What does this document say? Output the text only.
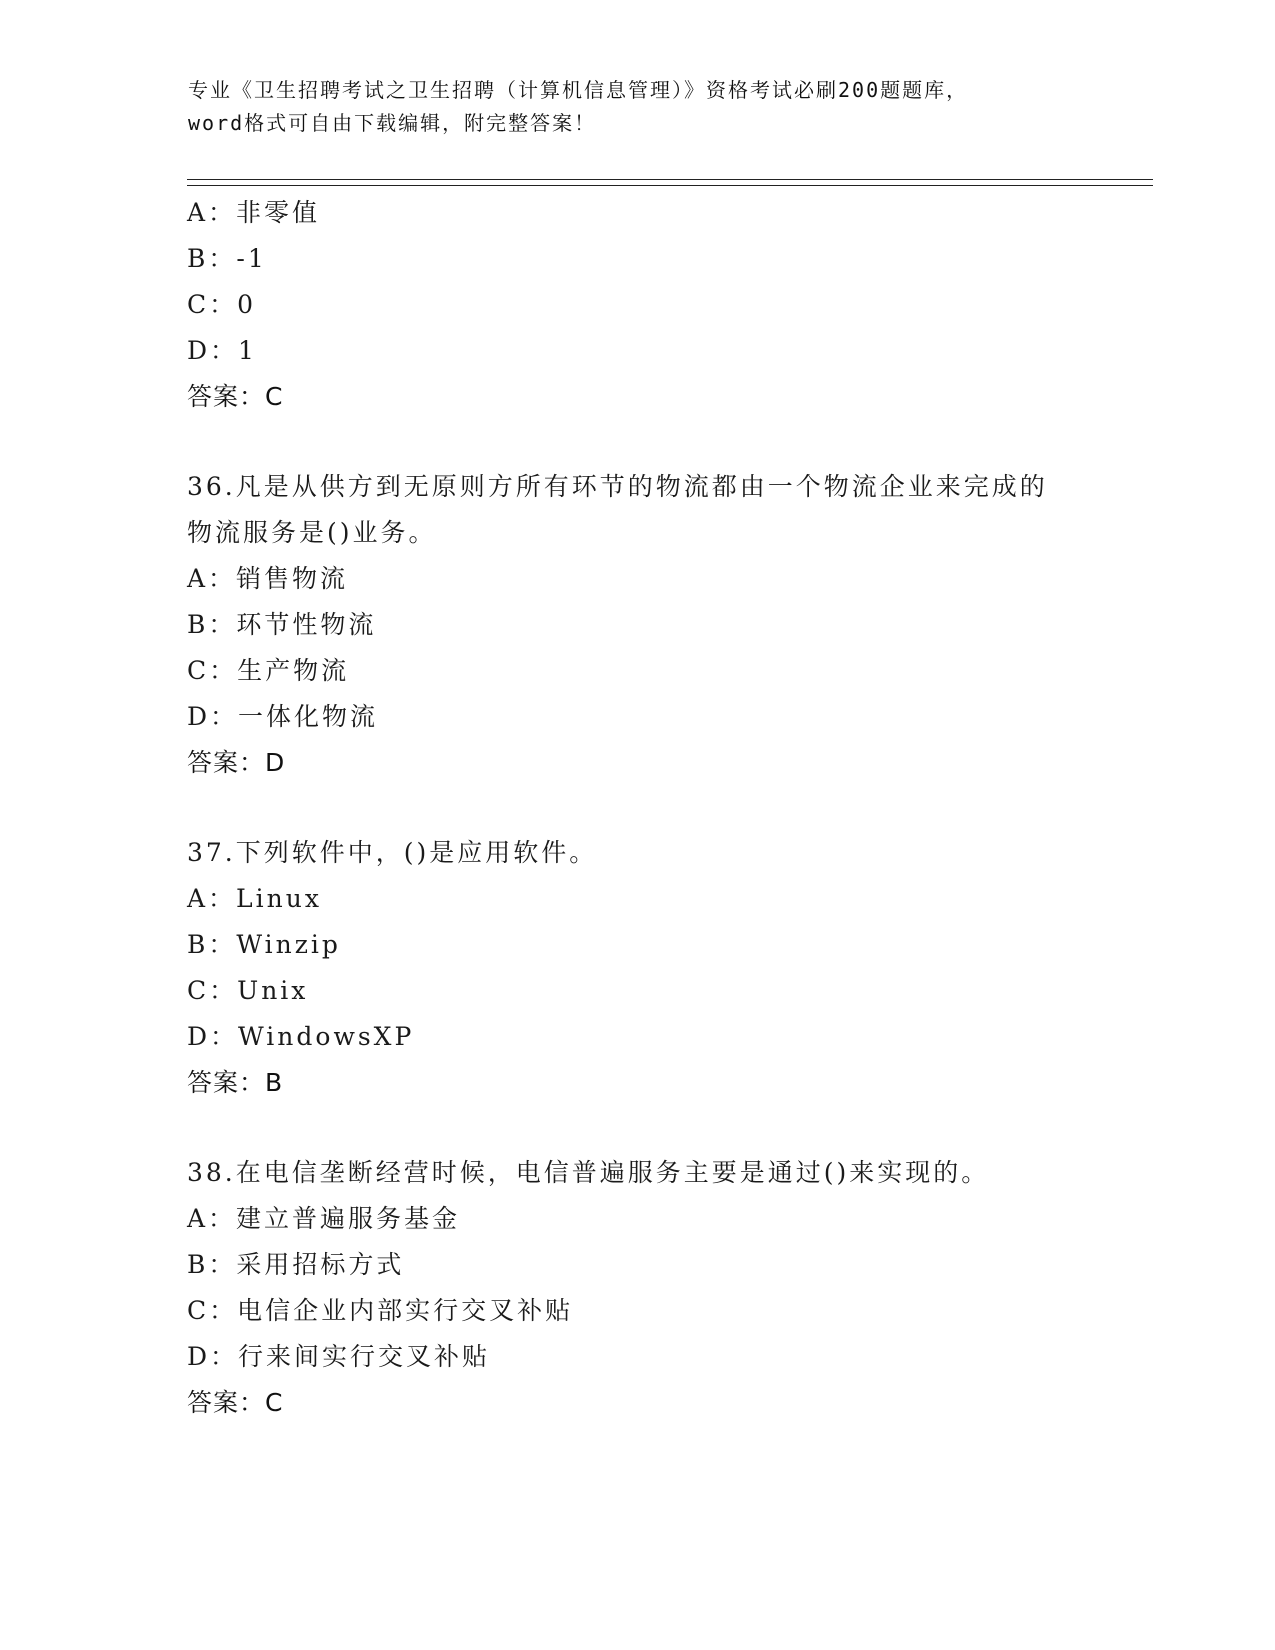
专业《卫生招聘考试之卫生招聘（计算机信息管理）》资格考试必刷200题题库，
word格式可自由下载编辑，附完整答案！
A：非零值
B：-1
C：0
D：1
答案：C
36.凡是从供方到无原则方所有环节的物流都由一个物流企业来完成的
物流服务是()业务。
A：销售物流
B：环节性物流
C：生产物流
D：一体化物流
答案：D
37.下列软件中，()是应用软件。
A：Linux
B：Winzip
C：Unix
D：WindowsXP
答案：B
38.在电信垄断经营时候，电信普遍服务主要是通过()来实现的。
A：建立普遍服务基金
B：采用招标方式
C：电信企业内部实行交叉补贴
D：行来间实行交叉补贴
答案：C
